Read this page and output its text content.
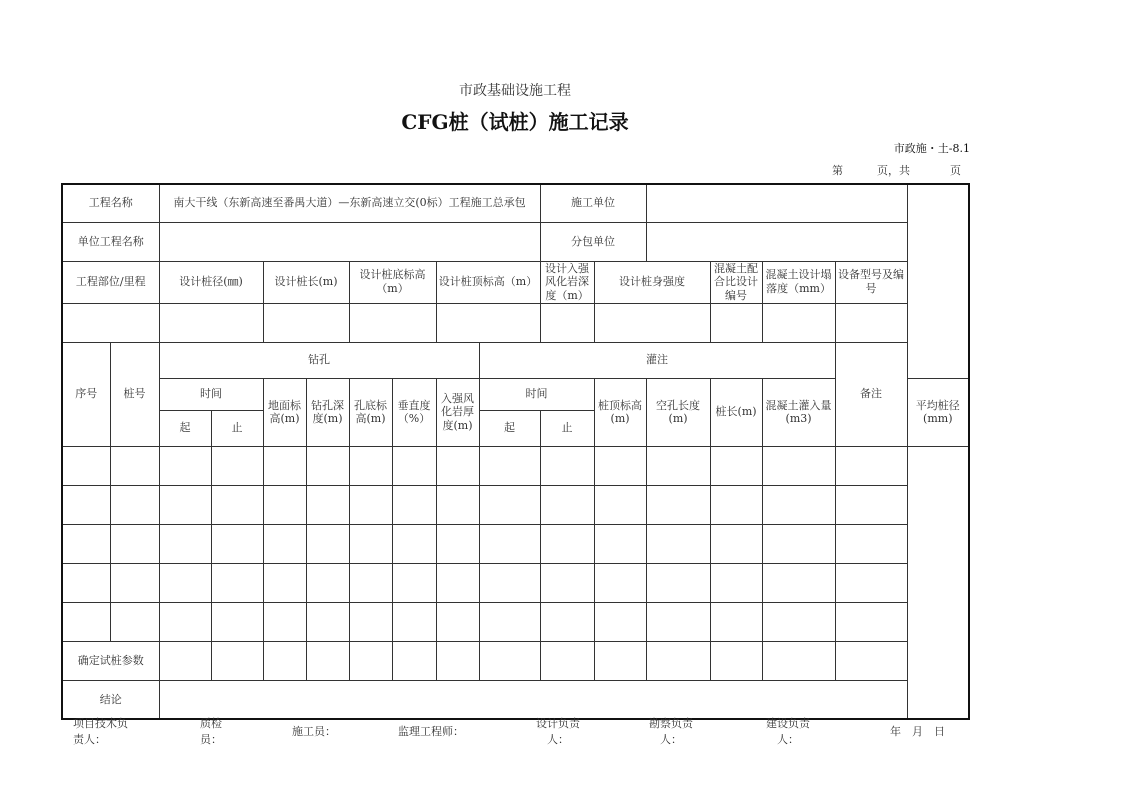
市政基础设施工程
CFG桩（试桩）施工记录
市政施・土-8.1
第	页，共	页
工程名称		南大干线（东新高速至番禺大道）—东新高速立交(0标）工程施工总承包								施工单位						
单位工程名称										分包单位						
工程部位/里程		设计桩径(㎜)		设计桩长(m)		设计桩底标高（m）		设计桩顶标高（m）		设计入强风化岩深度（m）	设计桩身强度		混凝土配合比设计编号	混凝土设计塌落度（mm）	设备型号及编号	

序号	桩号	钻孔							灌注						备注	
		时间		地面标高(m)	钻孔深度(m)	孔底标高(m)	垂直度（%）	入强风化岩厚度(m)	时间		桩顶标高(m)	空孔长度(m)	桩长(m)	混凝土灌入量(m3)		平均桩径(mm)
		起	止						起	止						

确定试桩参数																
结论																
项目技术负责人：
质检员：
施工员：	监理工程师：
设计负责人：
勘察负责人：
建设负责人：
年　月　日
